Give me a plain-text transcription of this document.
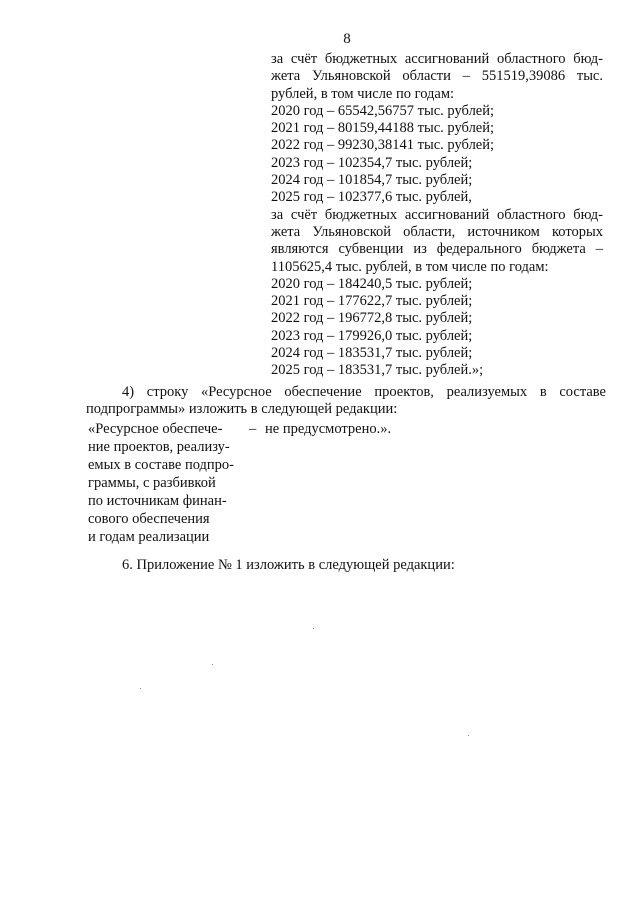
8
за счёт бюджетных ассигнований областного бюд-
жета Ульяновской области – 551519,39086 тыс.
рублей, в том числе по годам:
2020 год – 65542,56757 тыс. рублей;
2021 год – 80159,44188 тыс. рублей;
2022 год – 99230,38141 тыс. рублей;
2023 год – 102354,7 тыс. рублей;
2024 год – 101854,7 тыс. рублей;
2025 год – 102377,6 тыс. рублей,
за счёт бюджетных ассигнований областного бюд-
жета Ульяновской области, источником которых
являются субвенции из федерального бюджета –
1105625,4 тыс. рублей, в том числе по годам:
2020 год – 184240,5 тыс. рублей;
2021 год – 177622,7 тыс. рублей;
2022 год – 196772,8 тыс. рублей;
2023 год – 179926,0 тыс. рублей;
2024 год – 183531,7 тыс. рублей;
2025 год – 183531,7 тыс. рублей.»;
4) строку «Ресурсное обеспечение проектов, реализуемых в составе
подпрограммы» изложить в следующей редакции:
«Ресурсное обеспече-
ние проектов, реализу-
емых в составе подпро-
граммы, с разбивкой
по источникам финан-
сового обеспечения
и годам реализации
– не предусмотрено.».
6. Приложение № 1 изложить в следующей редакции:
